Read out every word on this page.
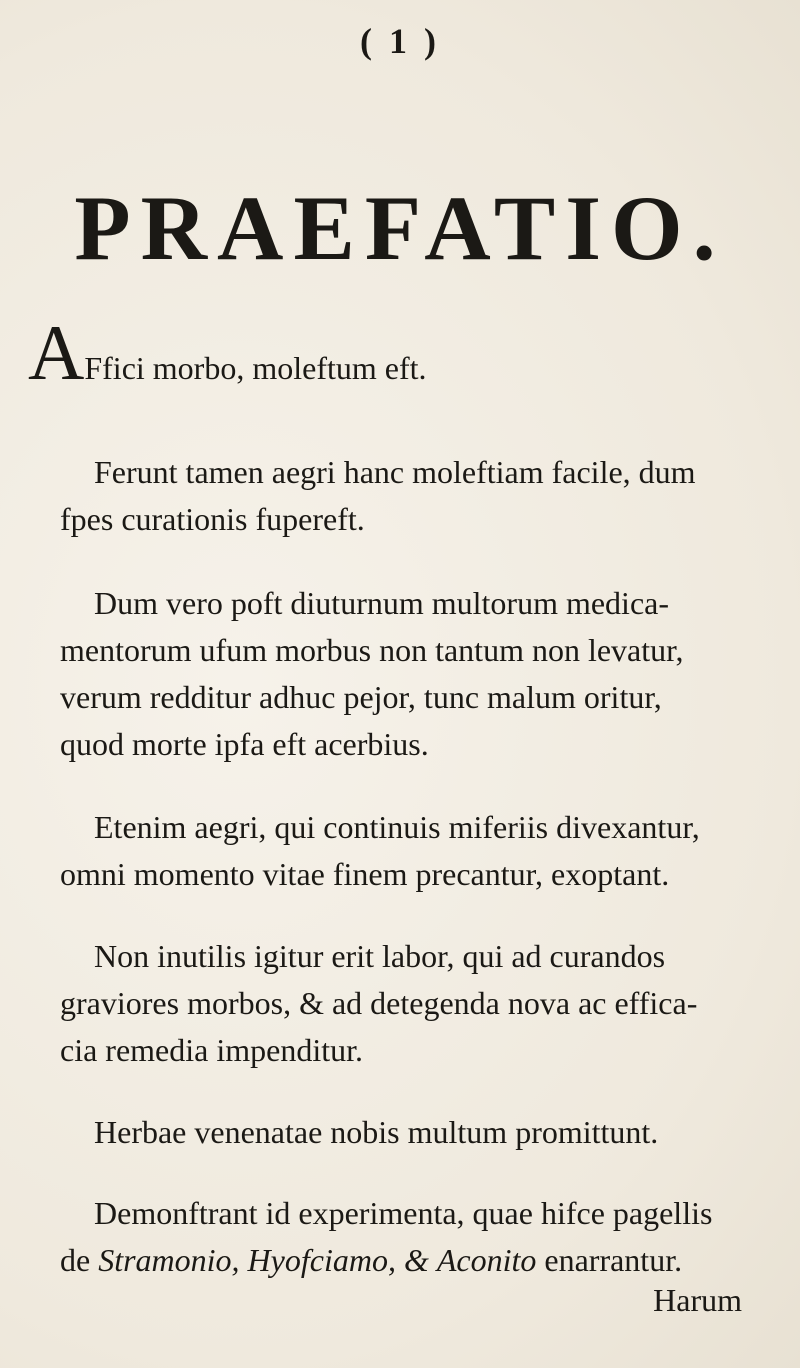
( 1 )
PRAEFATIO.
AFfici morbo, moleftum eft.
Ferunt tamen aegri hanc moleftiam facile, dum
fpes curationis fupereft.
Dum vero poft diuturnum multorum medica-
mentorum ufum morbus non tantum non levatur,
verum redditur adhuc pejor, tunc malum oritur,
quod morte ipfa eft acerbius.
Etenim aegri, qui continuis miferiis divexantur,
omni momento vitae finem precantur, exoptant.
Non inutilis igitur erit labor, qui ad curandos
graviores morbos, & ad detegenda nova ac effica-
cia remedia impenditur.
Herbae venenatae nobis multum promittunt.
Demonftrant id experimenta, quae hifce pagellis
de Stramonio, Hyofciamo, & Aconito enarrantur.
Harum
